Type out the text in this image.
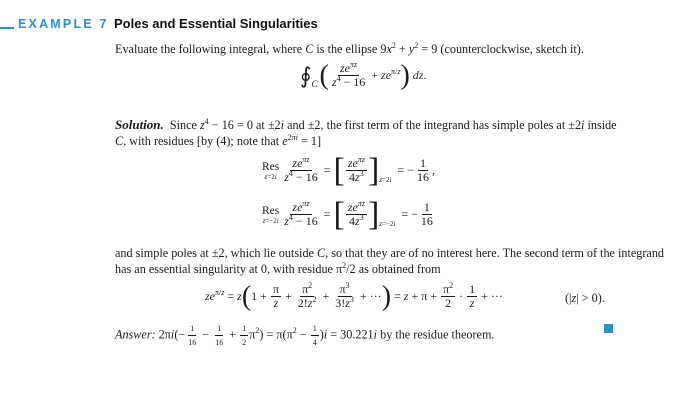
EXAMPLE 7 Poles and Essential Singularities
Evaluate the following integral, where C is the ellipse $9x^2 + y^2 = 9$ (counterclockwise, sketch it).
∮ C ( $\frac{ze^{\pi z}}{z^4 - 16} + ze^{\pi/z}$ ) dz.
Solution.  Since $z^4 - 16 = 0$ at ±2i and ±2, the first term of the integrand has simple poles at ±2i inside
C, with residues [by (4); note that $e^{2\pi i} = 1$]
Res
$z=2i \frac{ze^{\pi z}}{z^4 - 16}$ = [ $\frac{ze^{\pi z}}{4z^3}$ ] z=2i
= − $\frac{1}{16}$ ,
Res
$z=-2i \frac{ze^{\pi z}}{z^4 - 16}$ = [ $\frac{ze^{\pi z}}{4z^3}$ ] z=−2i
= − $\frac{1}{16}$
and simple poles at ±2, which lie outside C, so that they are of no interest here. The second term of the integrand
has an essential singularity at 0, with residue $\pi^2/2$ as obtained from
$ze^{\pi/z} = z$ ( $1 + \frac{\pi}{z} + \frac{\pi^2}{2!z^2} + \frac{\pi^3}{3!z^3}$ + ··· ) = $z + \pi + \frac{\pi^2}{2} \cdot \frac{1}{z}$ + ···	(|z| > 0).
Answer: $2\pi i(- \frac{1}{16} - \frac{1}{16} + \frac{1}{2} \pi^2) = \pi(\pi^2 - \frac{1}{4} )i = 30.221i$ by the residue theorem.
